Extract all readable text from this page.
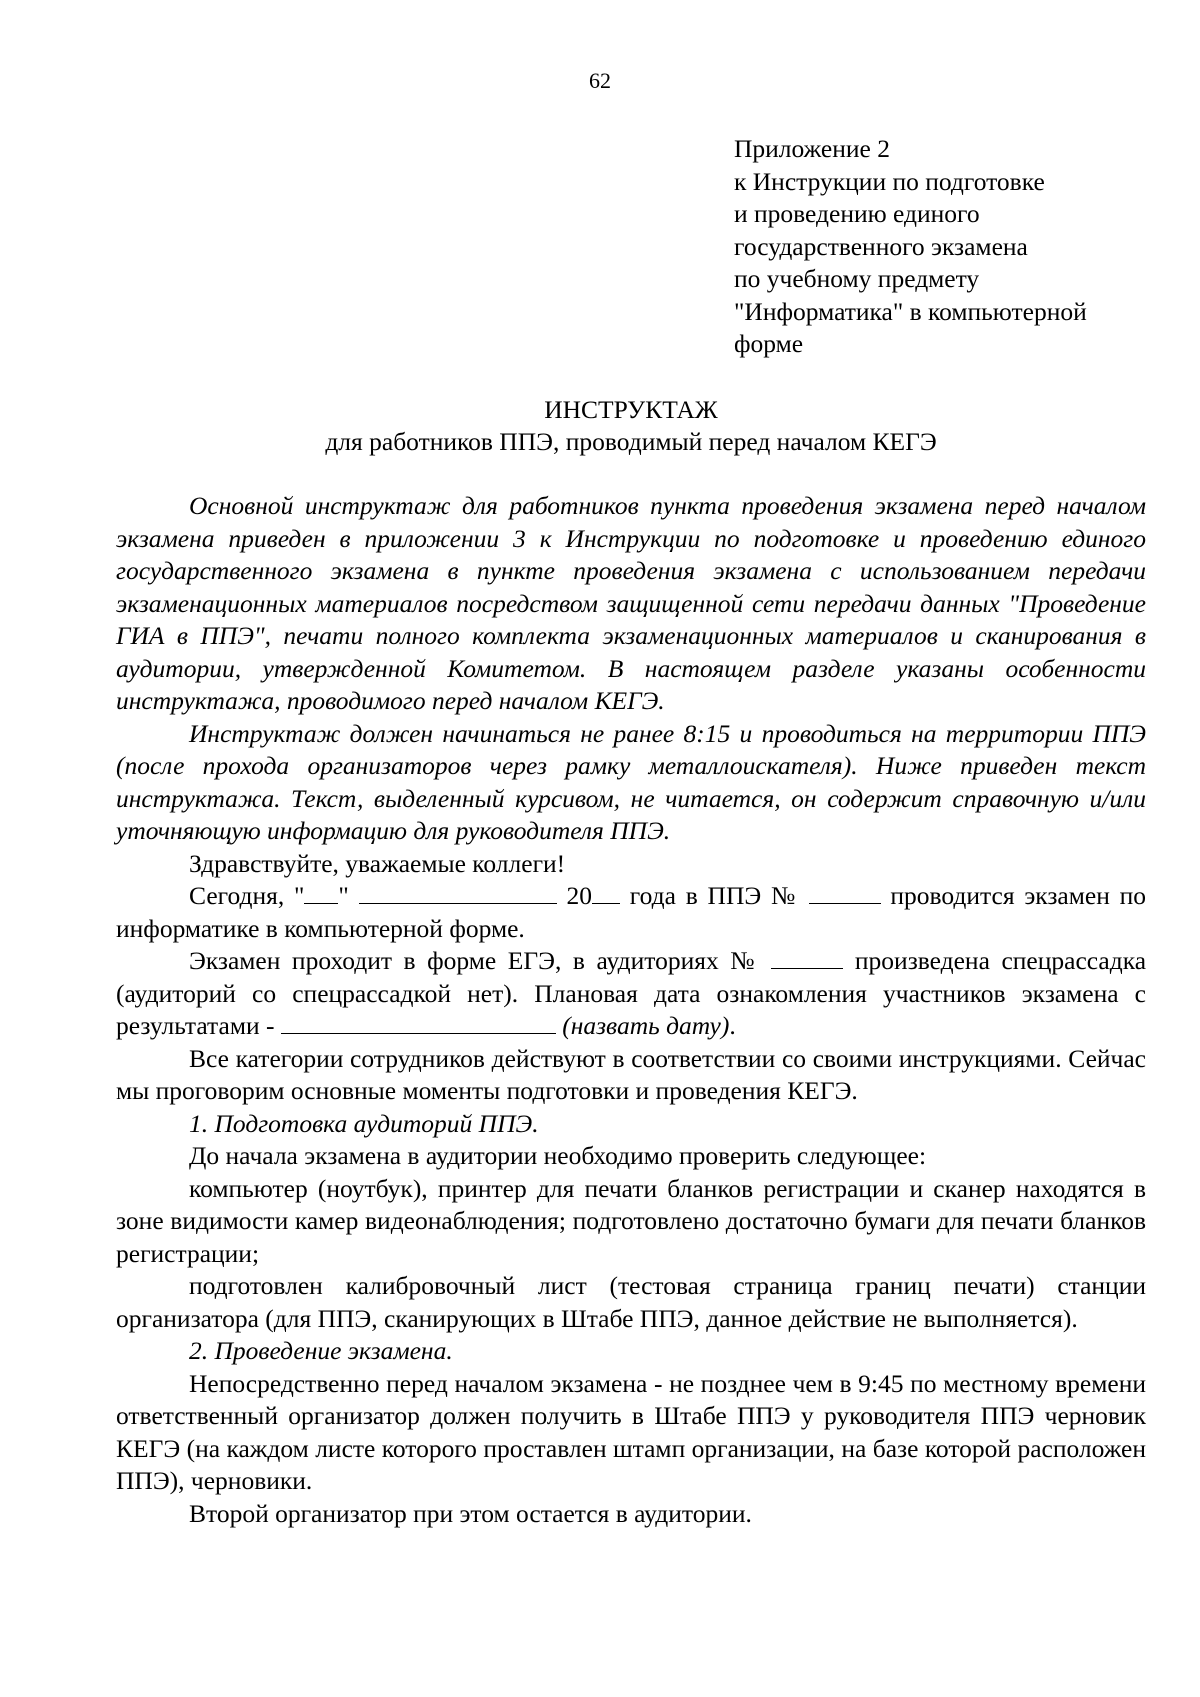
62
Приложение 2
к Инструкции по подготовке
и проведению единого
государственного экзамена
по учебному предмету
"Информатика" в компьютерной
форме
ИНСТРУКТАЖ
для работников ППЭ, проводимый перед началом КЕГЭ

Основной инструктаж для работников пункта проведения экзамена перед началом экзамена приведен в приложении 3 к Инструкции по подготовке и проведению единого государственного экзамена в пункте проведения экзамена с использованием передачи экзаменационных материалов посредством защищенной сети передачи данных "Проведение ГИА в ППЭ", печати полного комплекта экзаменационных материалов и сканирования в аудитории, утвержденной Комитетом. В настоящем разделе указаны особенности инструктажа, проводимого перед началом КЕГЭ.

Инструктаж должен начинаться не ранее 8:15 и проводиться на территории ППЭ (после прохода организаторов через рамку металлоискателя). Ниже приведен текст инструктажа. Текст, выделенный курсивом, не читается, он содержит справочную и/или уточняющую информацию для руководителя ППЭ.

Здравствуйте, уважаемые коллеги!

Сегодня, " "	20 года в ППЭ №	проводится экзамен по информатике в компьютерной форме.

Экзамен проходит в форме ЕГЭ, в аудиториях №	произведена спецрассадка (аудиторий со спецрассадкой нет). Плановая дата ознакомления участников экзамена с результатами -	(назвать дату).

Все категории сотрудников действуют в соответствии со своими инструкциями. Сейчас мы проговорим основные моменты подготовки и проведения КЕГЭ.

1. Подготовка аудиторий ППЭ.

До начала экзамена в аудитории необходимо проверить следующее:

компьютер (ноутбук), принтер для печати бланков регистрации и сканер находятся в зоне видимости камер видеонаблюдения; подготовлено достаточно бумаги для печати бланков регистрации;

подготовлен калибровочный лист (тестовая страница границ печати) станции организатора (для ППЭ, сканирующих в Штабе ППЭ, данное действие не выполняется).

2. Проведение экзамена.

Непосредственно перед началом экзамена - не позднее чем в 9:45 по местному времени ответственный организатор должен получить в Штабе ППЭ у руководителя ППЭ черновик КЕГЭ (на каждом листе которого проставлен штамп организации, на базе которой расположен ППЭ), черновики.

Второй организатор при этом остается в аудитории.
